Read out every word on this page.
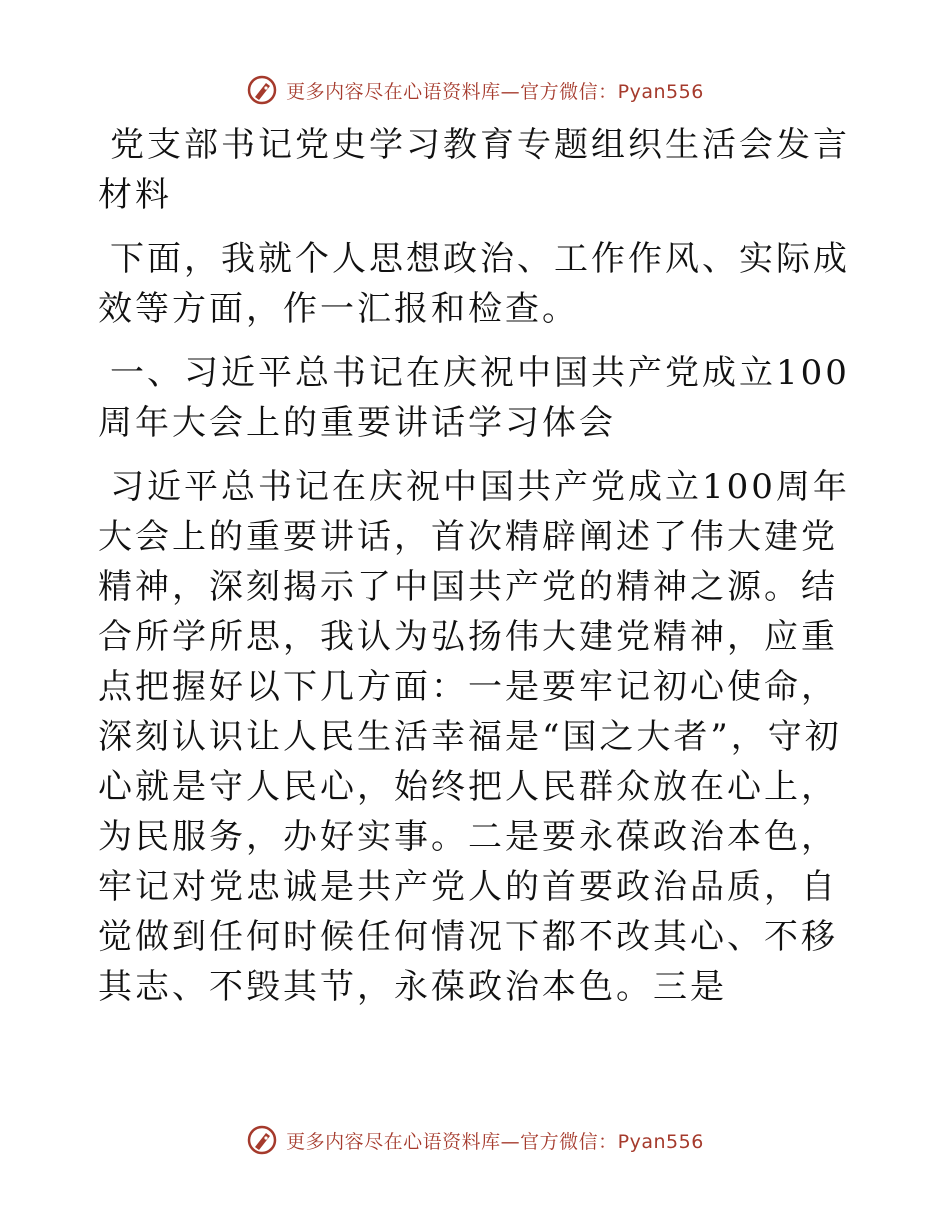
更多内容尽在心语资料库—官方微信：Pyan556

党支部书记党史学习教育专题组织生活会发言材料

下面，我就个人思想政治、工作作风、实际成效等方面，作一汇报和检查。

一、习近平总书记在庆祝中国共产党成立100周年大会上的重要讲话学习体会

习近平总书记在庆祝中国共产党成立100周年大会上的重要讲话，首次精辟阐述了伟大建党精神，深刻揭示了中国共产党的精神之源。结合所学所思，我认为弘扬伟大建党精神，应重点把握好以下几方面：一是要牢记初心使命，深刻认识让人民生活幸福是“国之大者”，守初心就是守人民心，始终把人民群众放在心上，为民服务，办好实事。二是要永葆政治本色，牢记对党忠诚是共产党人的首要政治品质，自觉做到任何时候任何情况下都不改其心、不移其志、不毁其节，永葆政治本色。三是

更多内容尽在心语资料库—官方微信：Pyan556
